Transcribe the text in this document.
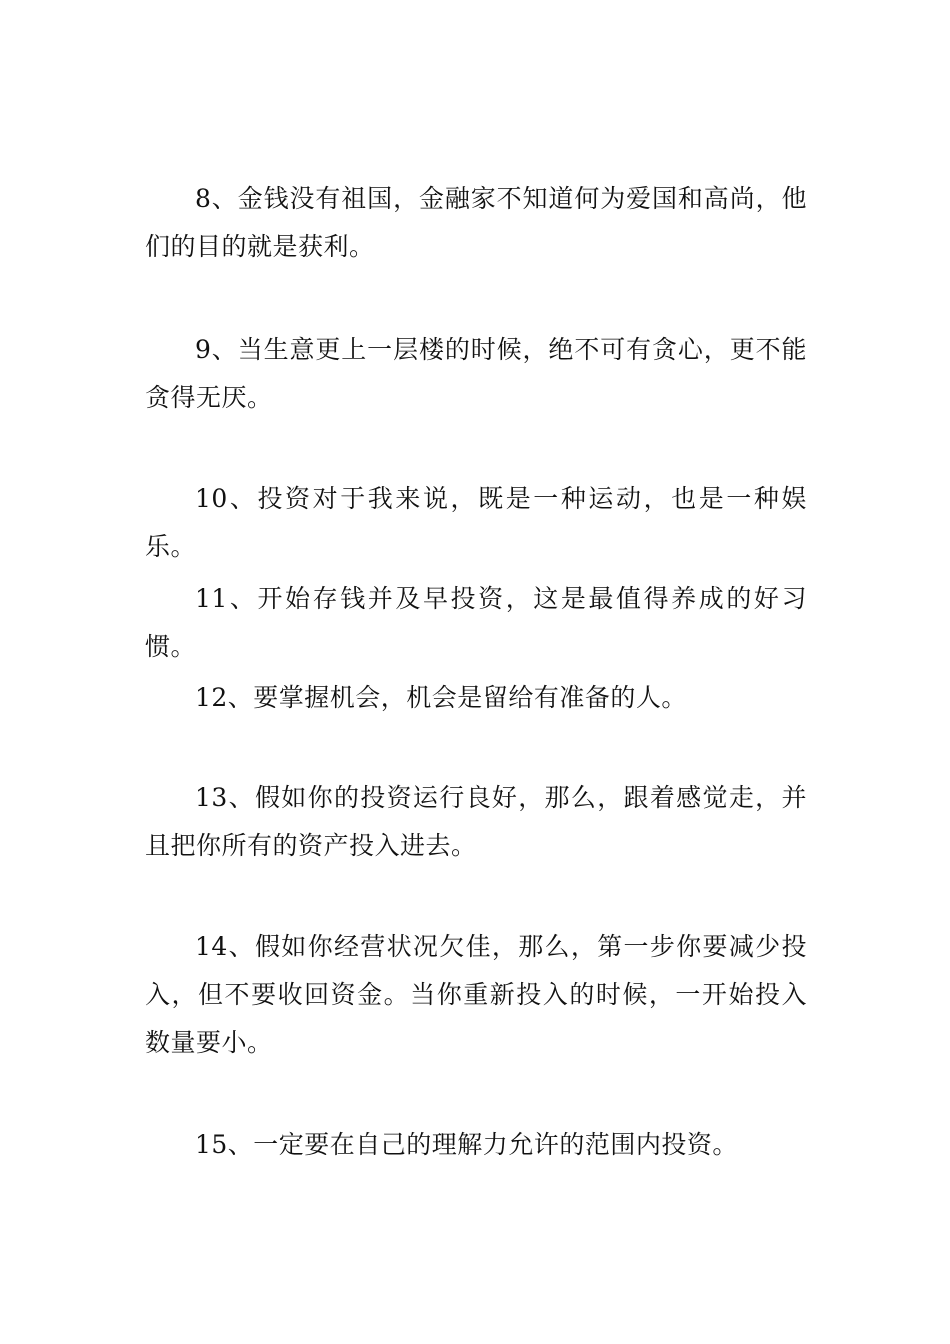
8、金钱没有祖国，金融家不知道何为爱国和高尚，他们的目的就是获利。

9、当生意更上一层楼的时候，绝不可有贪心，更不能贪得无厌。

10、投资对于我来说，既是一种运动，也是一种娱乐。

11、开始存钱并及早投资，这是最值得养成的好习惯。

12、要掌握机会，机会是留给有准备的人。

13、假如你的投资运行良好，那么，跟着感觉走，并且把你所有的资产投入进去。

14、假如你经营状况欠佳，那么，第一步你要减少投入，但不要收回资金。当你重新投入的时候，一开始投入数量要小。

15、一定要在自己的理解力允许的范围内投资。
